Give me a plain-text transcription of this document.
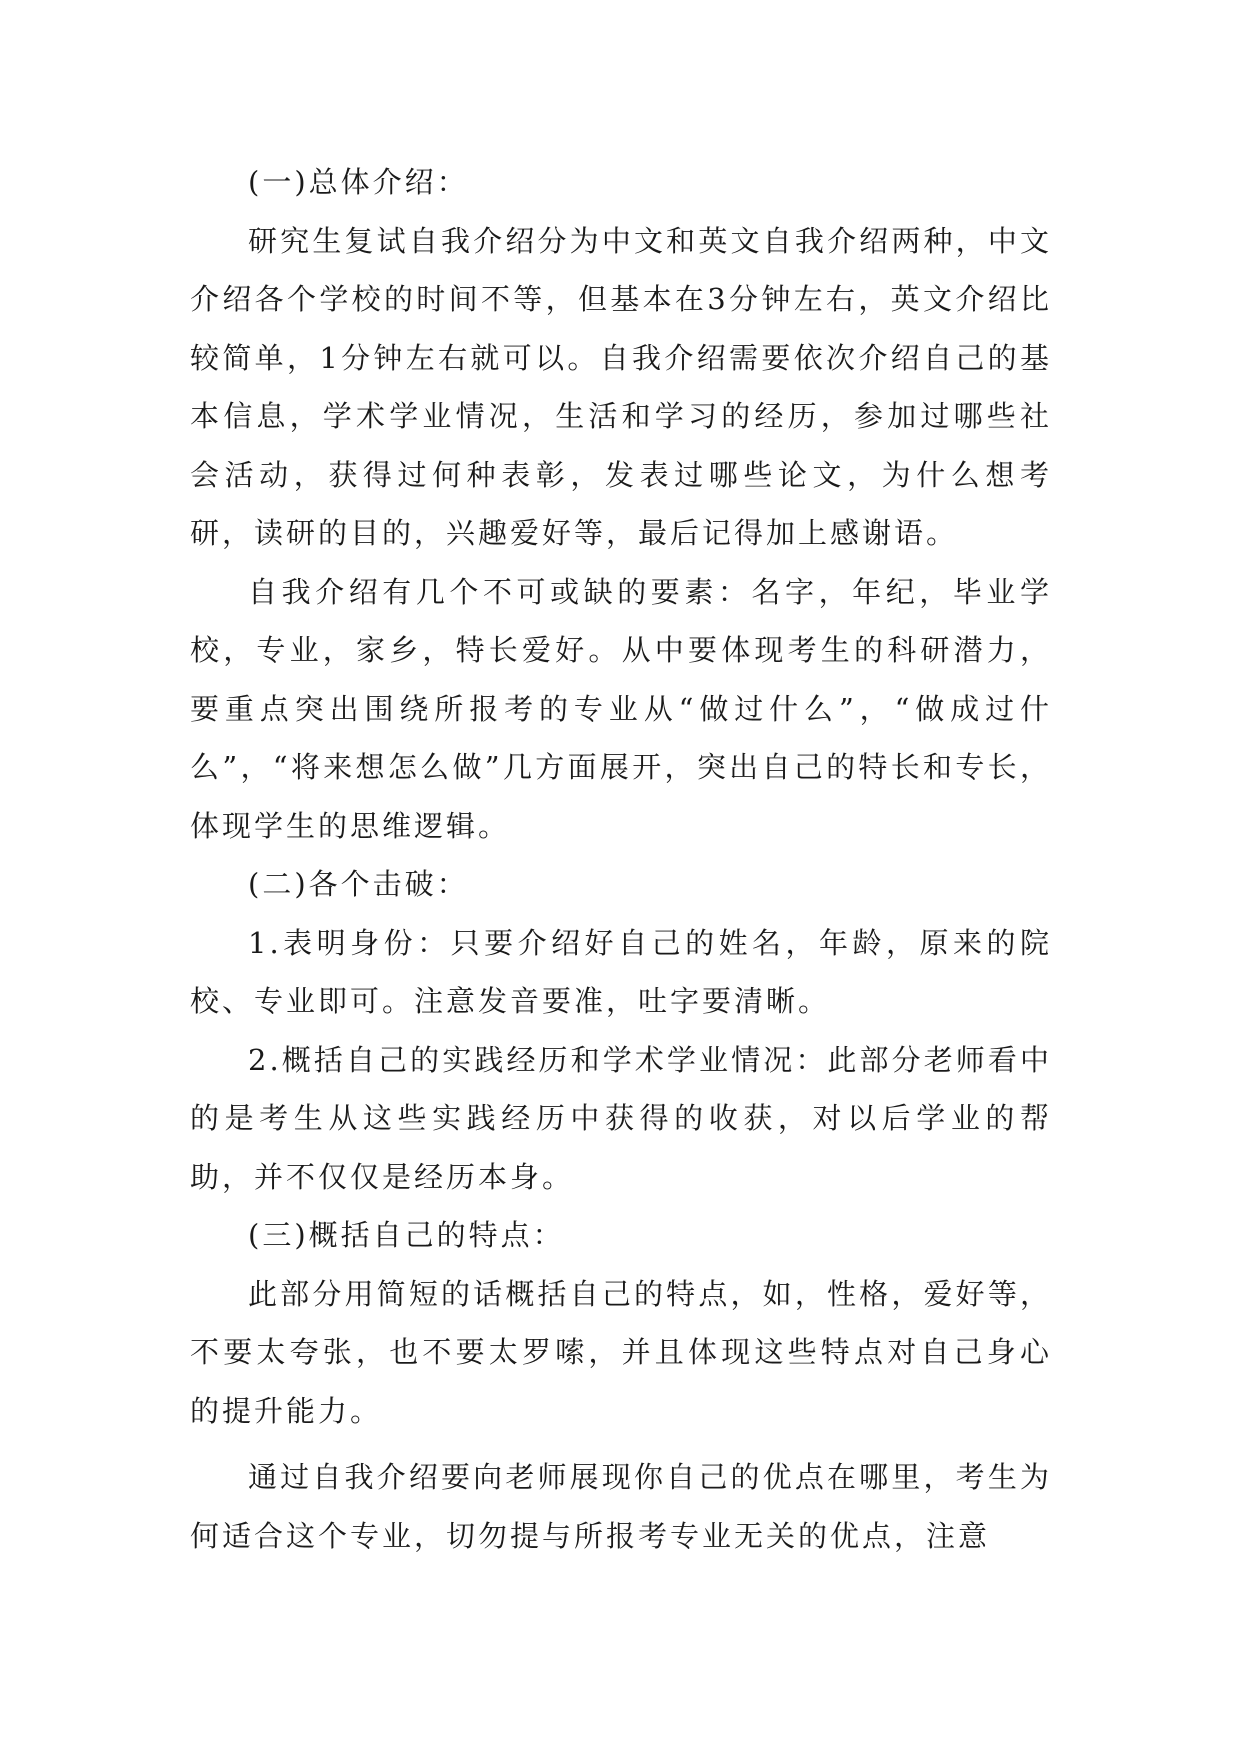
(一)总体介绍：

研究生复试自我介绍分为中文和英文自我介绍两种，中文介绍各个学校的时间不等，但基本在3分钟左右，英文介绍比较简单，1分钟左右就可以。自我介绍需要依次介绍自己的基本信息，学术学业情况，生活和学习的经历，参加过哪些社会活动，获得过何种表彰，发表过哪些论文，为什么想考研，读研的目的，兴趣爱好等，最后记得加上感谢语。

自我介绍有几个不可或缺的要素：名字，年纪，毕业学校，专业，家乡，特长爱好。从中要体现考生的科研潜力，要重点突出围绕所报考的专业从“做过什么”，“做成过什么”，“将来想怎么做”几方面展开，突出自己的特长和专长，体现学生的思维逻辑。

(二)各个击破：

1.表明身份：只要介绍好自己的姓名，年龄，原来的院校、专业即可。注意发音要准，吐字要清晰。

2.概括自己的实践经历和学术学业情况：此部分老师看中的是考生从这些实践经历中获得的收获，对以后学业的帮助，并不仅仅是经历本身。

(三)概括自己的特点：

此部分用简短的话概括自己的特点，如，性格，爱好等，不要太夸张，也不要太罗嗦，并且体现这些特点对自己身心的提升能力。

通过自我介绍要向老师展现你自己的优点在哪里，考生为何适合这个专业，切勿提与所报考专业无关的优点，注意
